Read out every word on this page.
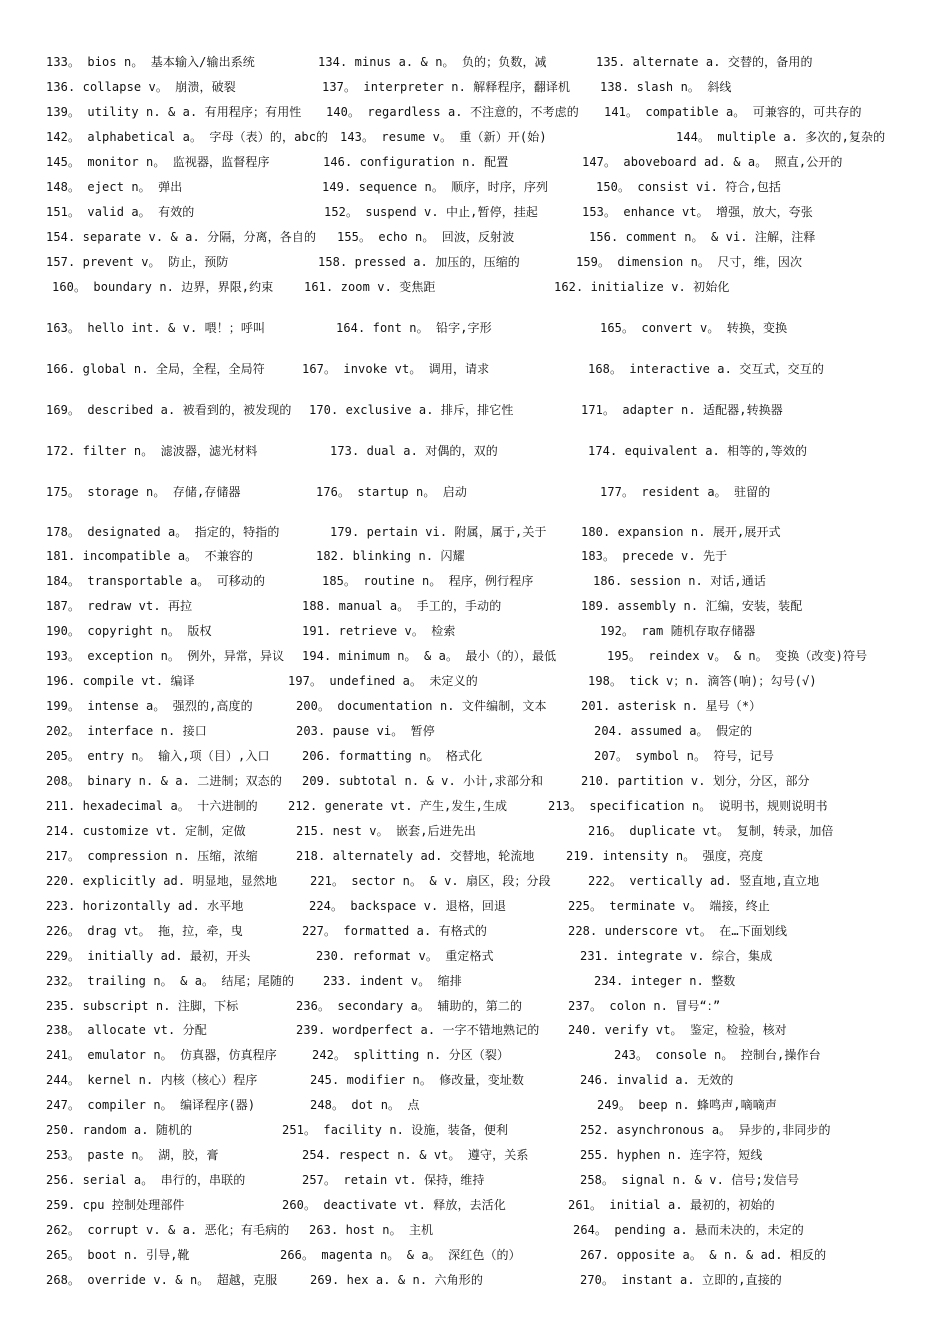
133。 bios n。 基本输入/输出系统	134. minus a. & n。 负的；负数，减	135. alternate a. 交替的，备用的
136. collapse v。 崩溃，破裂	137。 interpreter n. 解释程序，翻译机 138. slash n。 斜线
139。 utility n. & a. 有用程序；有用性 140。 regardless a. 不注意的，不考虑的 141。 compatible a。 可兼容的，可共存的
142。 alphabetical a。 字母（表）的，abc的 143。 resume v。 重（新）开(始)	144。 multiple a. 多次的,复杂的
145。 monitor n。 监视器，监督程序	146. configuration n. 配置	147。 aboveboard ad. & a。 照直,公开的
148。 eject n。 弹出	149. sequence n。 顺序，时序，序列	150。 consist vi. 符合,包括
151。 valid a。 有效的	152。 suspend v. 中止,暂停，挂起	153。 enhance vt。 增强，放大，夸张
154. separate v. & a. 分隔，分离，各自的 155。 echo n。 回波，反射波	156. comment n。 & vi. 注解，注释
157. prevent v。 防止，预防	158. pressed a. 加压的，压缩的	159。 dimension n。 尺寸，维，因次
160。 boundary n. 边界，界限,约束	161. zoom v. 变焦距	162. initialize v. 初始化
163。 hello int. & v. 喂！；呼叫	164. font n。 铅字,字形	165。 convert v。 转换，变换
166. global n. 全局，全程，全局符	167。 invoke vt。 调用，请求	168。 interactive a. 交互式，交互的
169。 described a. 被看到的，被发现的 170. exclusive a. 排斥，排它性	171。 adapter n. 适配器,转换器
172. filter n。 滤波器，滤光材料	173. dual a. 对偶的，双的	174. equivalent a. 相等的,等效的
175。 storage n。 存储,存储器	176。 startup n。 启动	177。 resident a。 驻留的
178。 designated a。 指定的，特指的	179. pertain vi. 附属，属于,关于	180. expansion n. 展开,展开式
181. incompatible a。 不兼容的	182. blinking n. 闪耀	183。 precede v. 先于
184。 transportable a。 可移动的	185。 routine n。 程序，例行程序	186. session n. 对话,通话
187。 redraw vt. 再拉	188. manual a。 手工的，手动的	189. assembly n. 汇编，安装，装配
190。 copyright n。 版权	191. retrieve v。 检索	192。 ram 随机存取存储器
193。 exception n。 例外，异常，异议 194. minimum n。 & a。 最小（的），最低	195。 reindex v。 & n。 变换（改变)符号
196. compile vt. 编译	197。 undefined a。 未定义的	198。 tick v；n. 滴答(响)；勾号(√)
199。 intense a。 强烈的,高度的	200。 documentation n. 文件编制，文本	201. asterisk n. 星号（*）
202。 interface n. 接口	203. pause vi。 暂停	204. assumed a。 假定的
205。 entry n。 输入,项（目）,入口	206. formatting n。 格式化	207。 symbol n。 符号，记号
208。 binary n. & a. 二进制；双态的 209. subtotal n. & v. 小计,求部分和	210. partition v. 划分，分区，部分
211. hexadecimal a。 十六进制的	212. generate vt. 产生,发生,生成	213。 specification n。 说明书，规则说明书
214. customize vt. 定制，定做	215. nest v。 嵌套,后进先出	216。 duplicate vt。 复制，转录，加倍
217。 compression n. 压缩，浓缩	218. alternately ad. 交替地，轮流地	219. intensity n。 强度，亮度
220. explicitly ad. 明显地，显然地	221。 sector n。 & v. 扇区，段；分段	222。 vertically ad. 竖直地,直立地
223. horizontally ad. 水平地	224。 backspace v. 退格，回退	225。 terminate v。 端接，终止
226。 drag vt。 拖，拉，牵，曳	227。 formatted a. 有格式的	228. underscore vt。 在…下面划线
229。 initially ad. 最初，开头	230. reformat v。 重定格式	231. integrate v. 综合，集成
232。 trailing n。 & a。 结尾；尾随的 233. indent v。 缩排	234. integer n. 整数
235. subscript n. 注脚，下标	236。 secondary a。 辅助的，第二的	237。 colon n. 冒号“：”
238。 allocate vt. 分配	239. wordperfect a. 一字不错地熟记的 240. verify vt。 鉴定，检验，核对
241。 emulator n。 仿真器，仿真程序	242。 splitting n. 分区（裂）	243。 console n。 控制台,操作台
244。 kernel n. 内核（核心）程序	245. modifier n。 修改量，变址数	246. invalid a. 无效的
247。 compiler n。 编译程序(器)	248。 dot n。 点	249。 beep n. 蜂鸣声,嘀嘀声
250. random a. 随机的	251。 facility n. 设施，装备，便利	252. asynchronous a。 异步的,非同步的
253。 paste n。 湖，胶，膏	254. respect n. & vt。 遵守，关系	255. hyphen n. 连字符，短线
256. serial a。 串行的，串联的	257。 retain vt. 保持，维持	258。 signal n. & v. 信号;发信号
259. cpu 控制处理部件	260。 deactivate vt. 释放，去活化	261。 initial a. 最初的，初始的
262。 corrupt v. & a. 恶化；有毛病的 263. host n。 主机	264。 pending a. 悬而未决的，未定的
265。 boot n. 引导,靴	266。 magenta n。 & a。 深红色（的）	267. opposite a。 & n. & ad. 相反的
268。 override v. & n。 超越，克服	269. hex a. & n. 六角形的	270。 instant a. 立即的,直接的
